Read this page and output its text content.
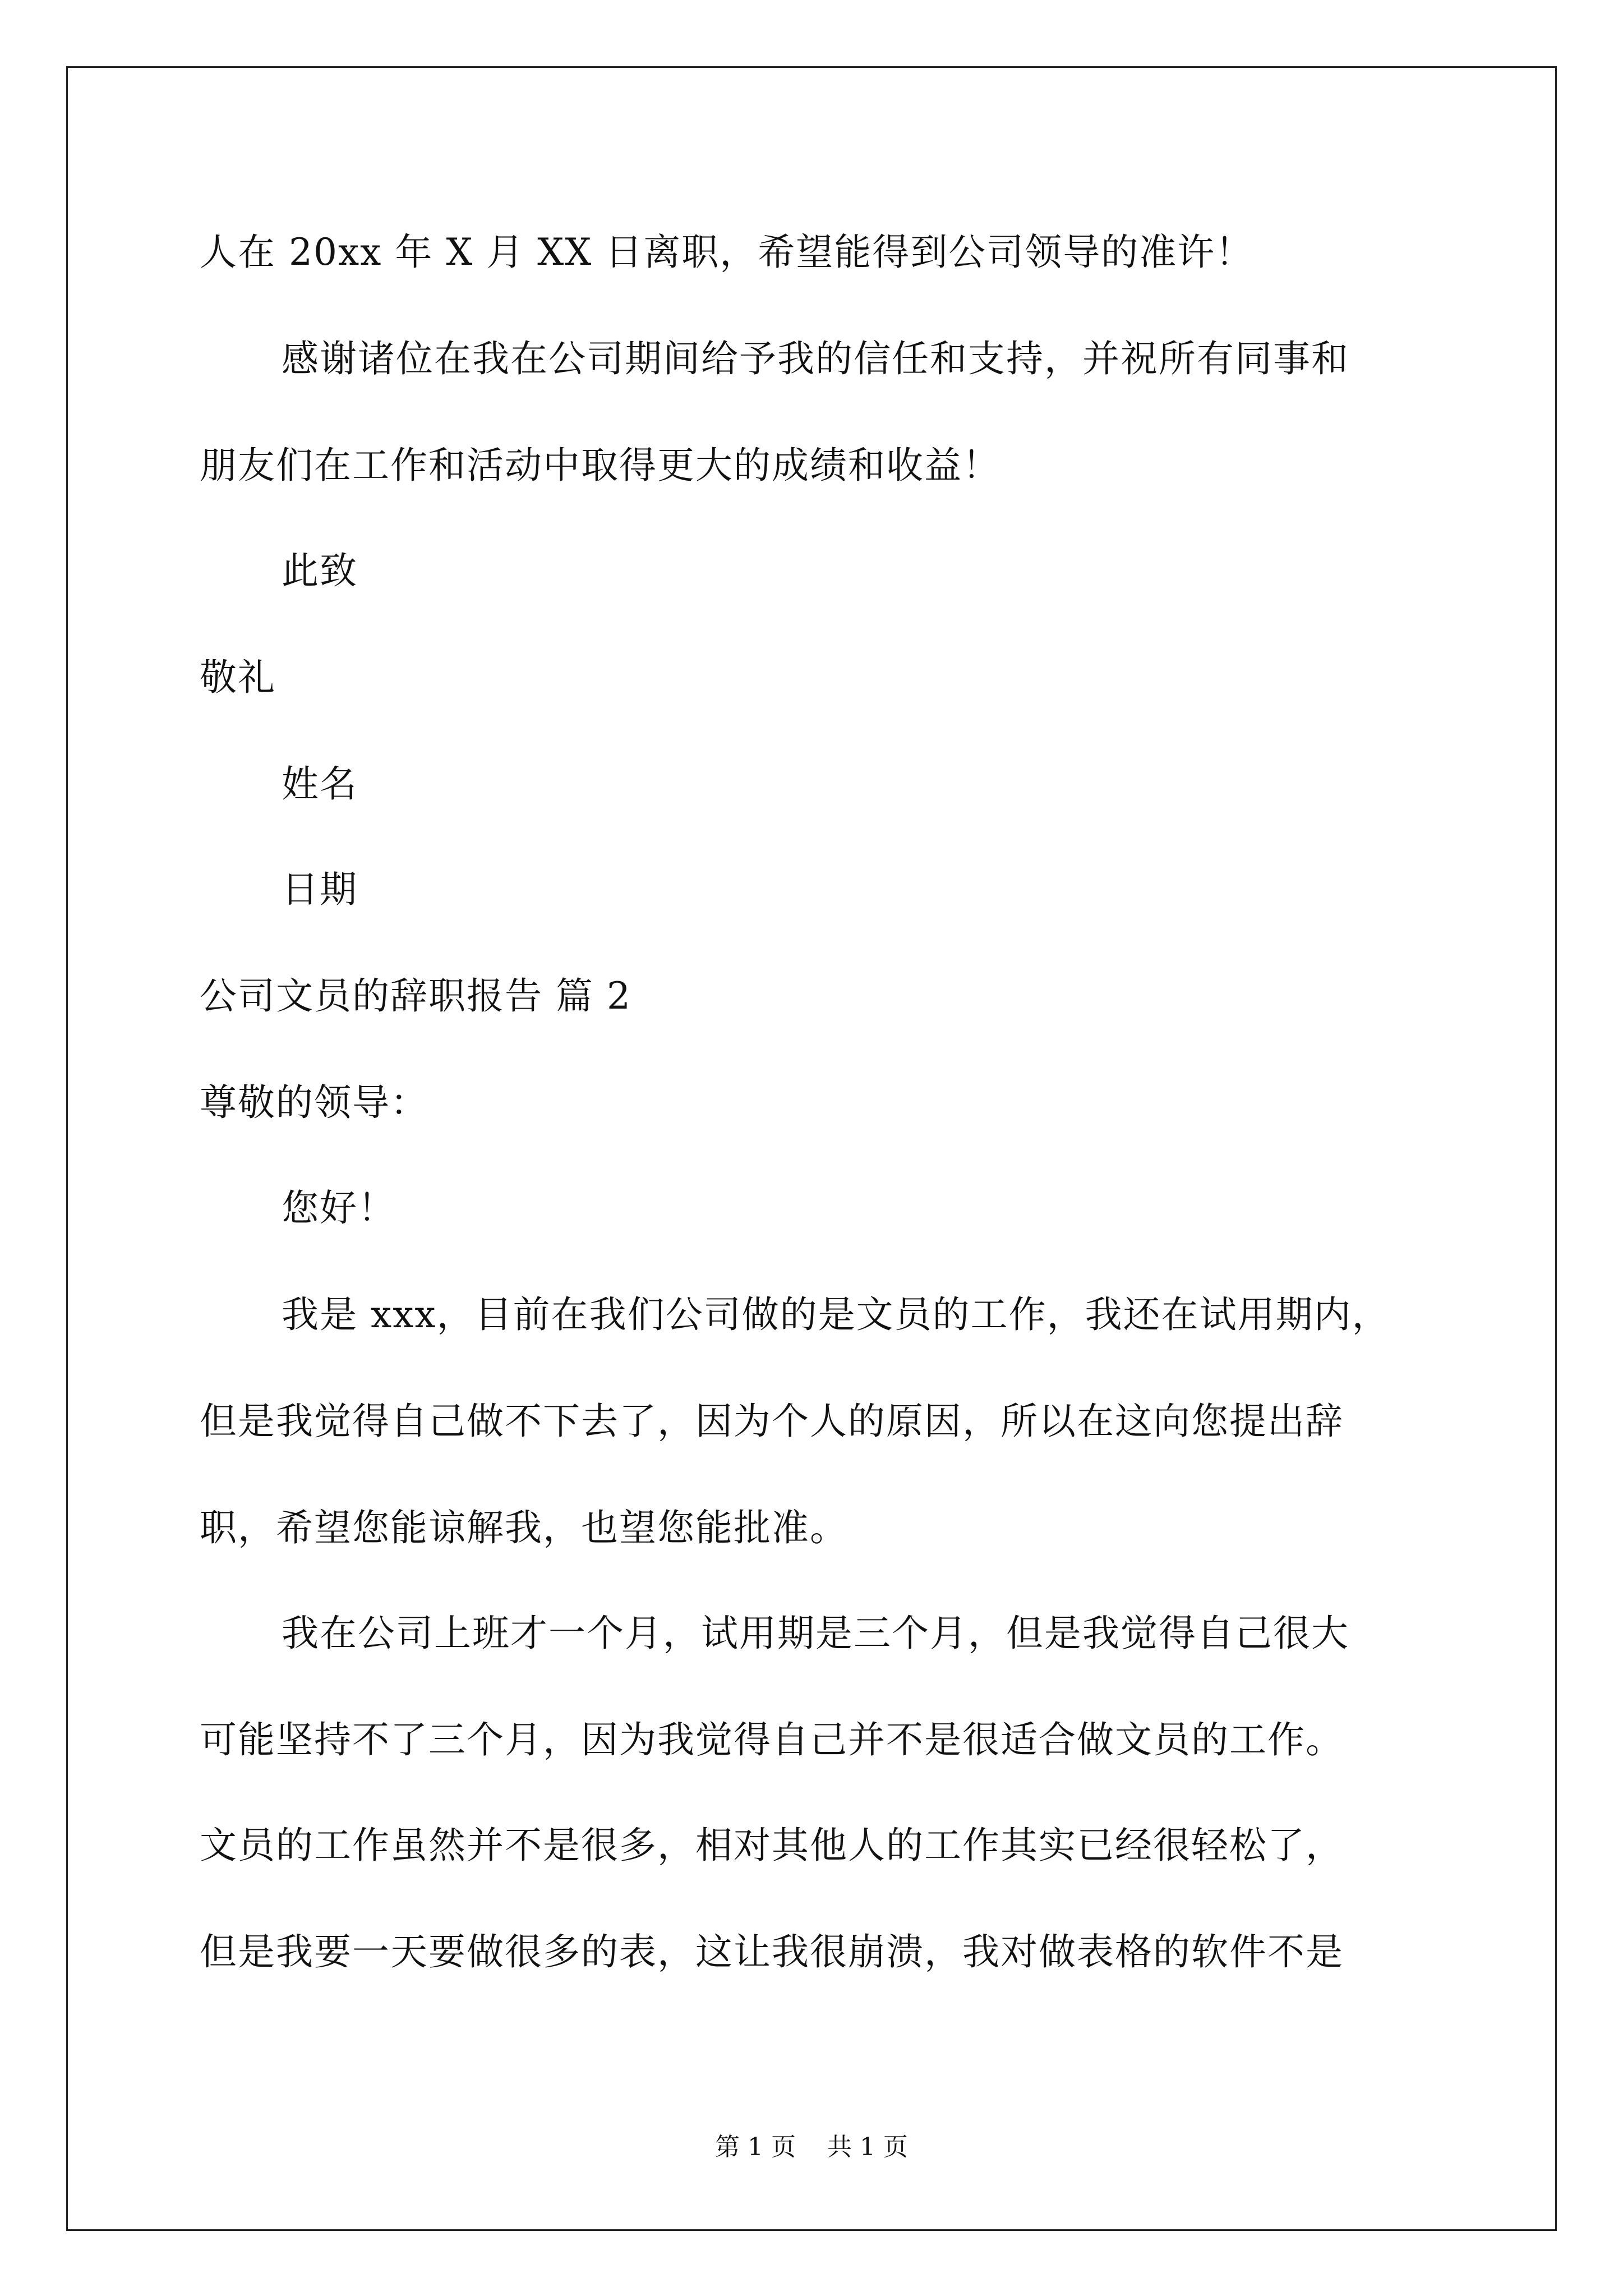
人在 20xx 年 X 月 XX 日离职，希望能得到公司领导的准许！
感谢诸位在我在公司期间给予我的信任和支持，并祝所有同事和
朋友们在工作和活动中取得更大的成绩和收益！
此致
敬礼
姓名
日期
公司文员的辞职报告 篇 2
尊敬的领导：
您好！
我是 xxx，目前在我们公司做的是文员的工作，我还在试用期内，
但是我觉得自己做不下去了，因为个人的原因，所以在这向您提出辞
职，希望您能谅解我，也望您能批准。
我在公司上班才一个月，试用期是三个月，但是我觉得自己很大
可能坚持不了三个月，因为我觉得自己并不是很适合做文员的工作。
文员的工作虽然并不是很多，相对其他人的工作其实已经很轻松了，
但是我要一天要做很多的表，这让我很崩溃，我对做表格的软件不是
第 1 页    共 1 页
